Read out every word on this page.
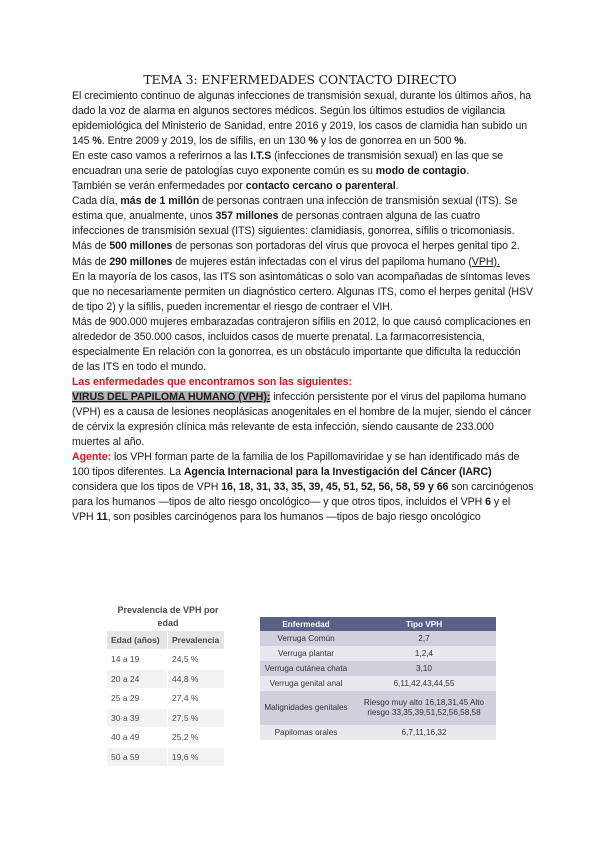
TEMA 3: ENFERMEDADES CONTACTO DIRECTO

El crecimiento continuo de algunas infecciones de transmisión sexual, durante los últimos años, ha dado la voz de alarma en algunos sectores médicos. Según los últimos estudios de vigilancia epidemiológica del Ministerio de Sanidad, entre 2016 y 2019, los casos de clamidia han subido un 145 %. Entre 2009 y 2019, los de sífilis, en un 130 % y los de gonorrea en un 500 %.

En este caso vamos a referirnos a las I.T.S (infecciones de transmisión sexual) en las que se encuadran una serie de patologías cuyo exponente común es su modo de contagio.

También se verán enfermedades por contacto cercano o parenteral.

Cada día, más de 1 millón de personas contraen una infección de transmisión sexual (ITS). Se estima que, anualmente, unos 357 millones de personas contraen alguna de las cuatro infecciones de transmisión sexual (ITS) siguientes: clamidiasis, gonorrea, sífilis o tricomoniasis.

Más de 500 millones de personas son portadoras del virus que provoca el herpes genital tipo 2. Más de 290 millones de mujeres están infectadas con el virus del papiloma humano (VPH).

En la mayoría de los casos, las ITS son asintomáticas o solo van acompañadas de síntomas leves que no necesariamente permiten un diagnóstico certero. Algunas ITS, como el herpes genital (HSV de tipo 2) y la sífilis, pueden incrementar el riesgo de contraer el VIH.

Más de 900.000 mujeres embarazadas contrajeron sífilis en 2012, lo que causó complicaciones en alrededor de 350.000 casos, incluidos casos de muerte prenatal. La farmacorresistencia, especialmente En relación con la gonorrea, es un obstáculo importante que dificulta la reducción de las ITS en todo el mundo.

Las enfermedades que encontramos son las siguientes:

VIRUS DEL PAPILOMA HUMANO (VPH): infección persistente por el virus del papiloma humano (VPH) es a causa de lesiones neoplásicas anogenitales en el hombre de la mujer, siendo el cáncer de cérvix la expresión clínica más relevante de esta infección, siendo causante de 233.000 muertes al año.

Agente: los VPH forman parte de la familia de los Papillomaviridae y se han identificado más de 100 tipos diferentes. La Agencia Internacional para la Investigación del Cáncer (IARC) considera que los tipos de VPH 16, 18, 31, 33, 35, 39, 45, 51, 52, 56, 58, 59 y 66 son carcinógenos para los humanos —tipos de alto riesgo oncológico— y que otros tipos, incluidos el VPH 6 y el VPH 11, son posibles carcinógenos para los humanos —tipos de bajo riesgo oncológico

Prevalencia de VPH por edad
Edad (años)	Prevalencia
14 a 19	24,5 %
20 a 24	44,8 %
25 a 29	27,4 %
30 a 39	27,5 %
40 a 49	25,2 %
50 a 59	19,6 %
Enfermedad	Tipo VPH
Verruga Común	2,7
Verruga plantar	1,2,4
Verruga cutánea chata	3,10
Verruga genital anal	6,11,42,43,44,55
Malignidades genitales	Riesgo muy alto 16,18,31,45 Alto riesgo 33,35,39,51,52,56,58,58
Papilomas orales	6,7,11,16,32
